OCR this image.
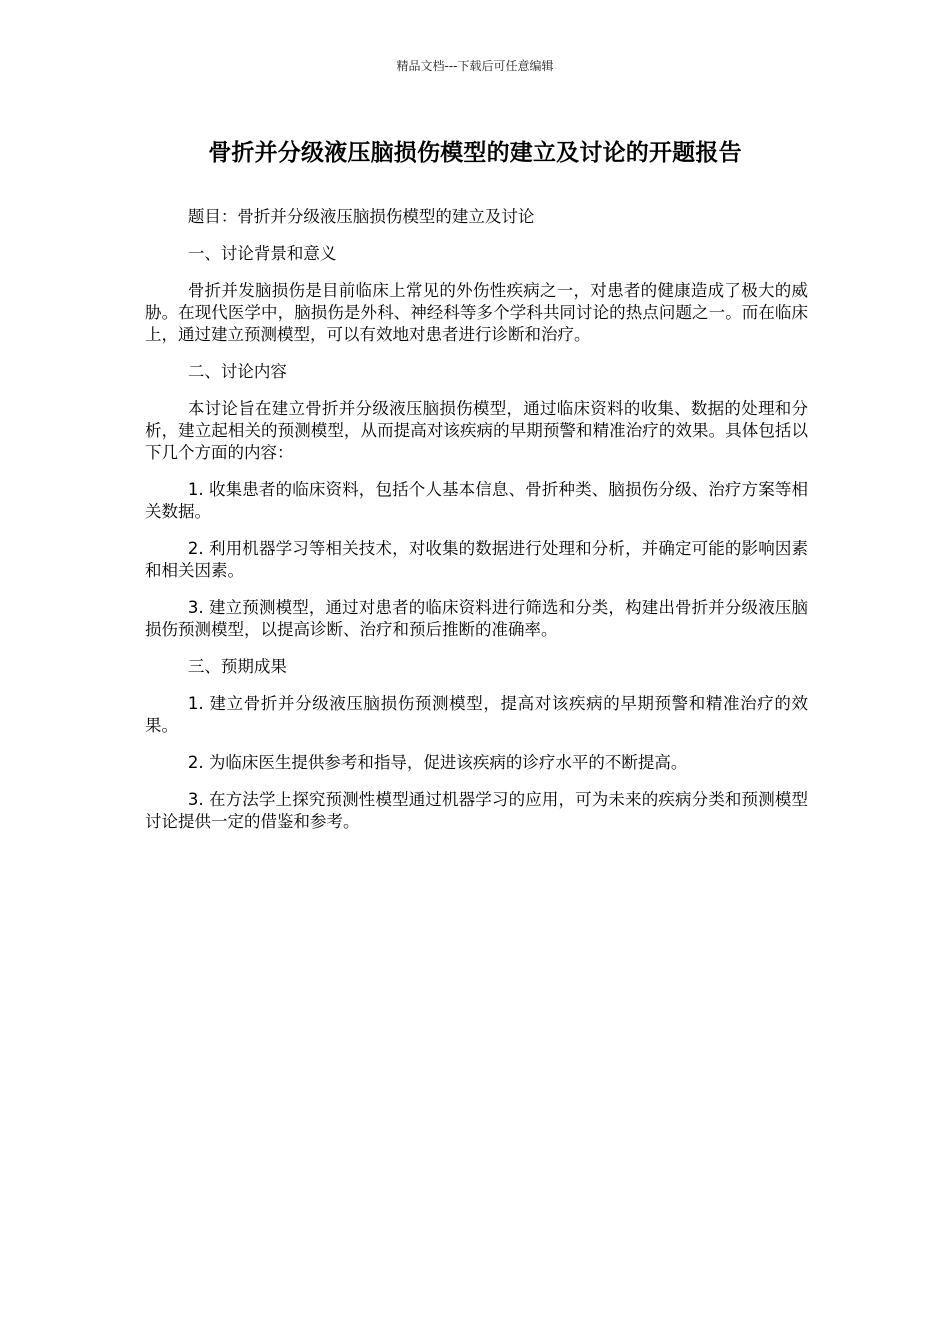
精品文档---下载后可任意编辑
骨折并分级液压脑损伤模型的建立及讨论的开题报告

题目：骨折并分级液压脑损伤模型的建立及讨论

一、讨论背景和意义

骨折并发脑损伤是目前临床上常见的外伤性疾病之一，对患者的健康造成了极大的威胁。在现代医学中，脑损伤是外科、神经科等多个学科共同讨论的热点问题之一。而在临床上，通过建立预测模型，可以有效地对患者进行诊断和治疗。

二、讨论内容

本讨论旨在建立骨折并分级液压脑损伤模型，通过临床资料的收集、数据的处理和分析，建立起相关的预测模型，从而提高对该疾病的早期预警和精准治疗的效果。具体包括以下几个方面的内容：

1. 收集患者的临床资料，包括个人基本信息、骨折种类、脑损伤分级、治疗方案等相关数据。

2. 利用机器学习等相关技术，对收集的数据进行处理和分析，并确定可能的影响因素和相关因素。

3. 建立预测模型，通过对患者的临床资料进行筛选和分类，构建出骨折并分级液压脑损伤预测模型，以提高诊断、治疗和预后推断的准确率。

三、预期成果

1. 建立骨折并分级液压脑损伤预测模型，提高对该疾病的早期预警和精准治疗的效果。

2. 为临床医生提供参考和指导，促进该疾病的诊疗水平的不断提高。

3. 在方法学上探究预测性模型通过机器学习的应用，可为未来的疾病分类和预测模型讨论提供一定的借鉴和参考。
